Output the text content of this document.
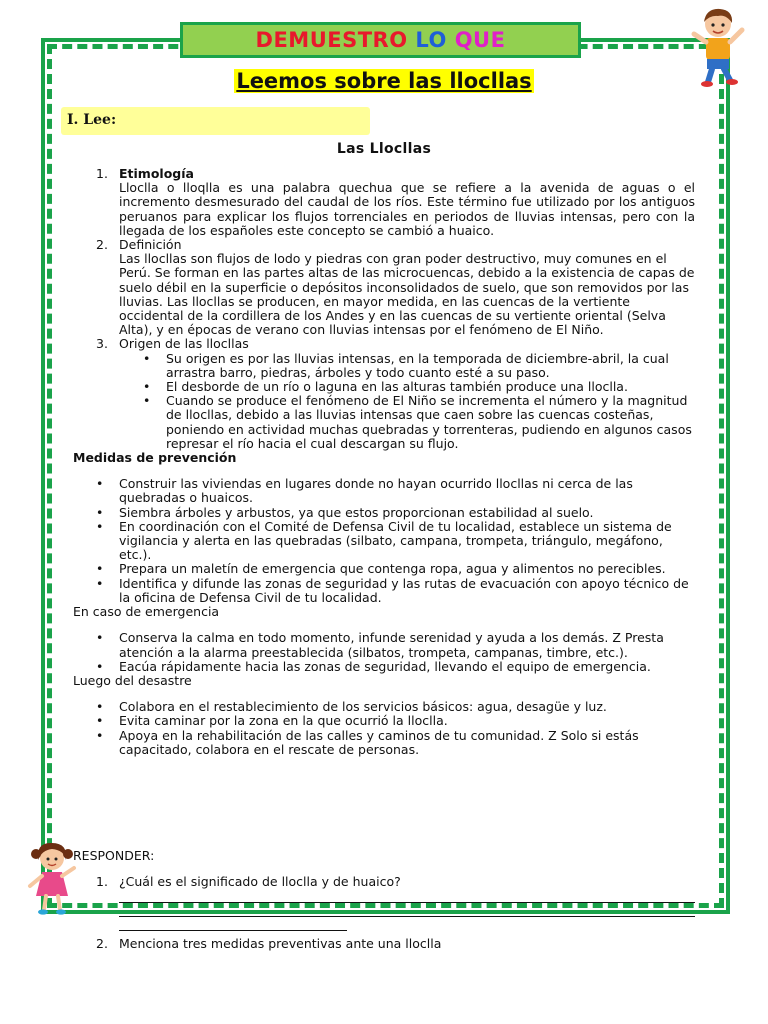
DEMUESTRO LO QUE
Leemos sobre las llocllas
I. Lee:
Las Llocllas
1. Etimología
Lloclla o lloqlla es una palabra quechua que se refiere a la avenida de aguas o el incremento desmesurado del caudal de los ríos. Este término fue utilizado por los antiguos peruanos para explicar los flujos torrenciales en periodos de lluvias intensas, pero con la llegada de los españoles este concepto se cambió a huaico.
2. Definición
Las llocllas son flujos de lodo y piedras con gran poder destructivo, muy comunes en el Perú. Se forman en las partes altas de las microcuencas, debido a la existencia de capas de suelo débil en la superficie o depósitos inconsolidados de suelo, que son removidos por las lluvias. Las llocllas se producen, en mayor medida, en las cuencas de la vertiente occidental de la cordillera de los Andes y en las cuencas de su vertiente oriental (Selva Alta), y en épocas de verano con lluvias intensas por el fenómeno de El Niño.
3. Origen de las llocllas
• Su origen es por las lluvias intensas, en la temporada de diciembre-abril, la cual arrastra barro, piedras, árboles y todo cuanto esté a su paso.
• El desborde de un río o laguna en las alturas también produce una lloclla.
• Cuando se produce el fenómeno de El Niño se incrementa el número y la magnitud de llocllas, debido a las lluvias intensas que caen sobre las cuencas costeñas, poniendo en actividad muchas quebradas y torrenteras, pudiendo en algunos casos represar el río hacia el cual descargan su flujo.
Medidas de prevención
• Construir las viviendas en lugares donde no hayan ocurrido llocllas ni cerca de las quebradas o huaicos.
• Siembra árboles y arbustos, ya que estos proporcionan estabilidad al suelo.
• En coordinación con el Comité de Defensa Civil de tu localidad, establece un sistema de vigilancia y alerta en las quebradas (silbato, campana, trompeta, triángulo, megáfono, etc.).
• Prepara un maletín de emergencia que contenga ropa, agua y alimentos no perecibles.
• Identifica y difunde las zonas de seguridad y las rutas de evacuación con apoyo técnico de la oficina de Defensa Civil de tu localidad.
En caso de emergencia
• Conserva la calma en todo momento, infunde serenidad y ayuda a los demás. Z Presta atención a la alarma preestablecida (silbatos, trompeta, campanas, timbre, etc.).
• Eacúa rápidamente hacia las zonas de seguridad, llevando el equipo de emergencia.
Luego del desastre
• Colabora en el restablecimiento de los servicios básicos: agua, desagüe y luz.
• Evita caminar por la zona en la que ocurrió la lloclla.
• Apoya en la rehabilitación de las calles y caminos de tu comunidad. Z Solo si estás capacitado, colabora en el rescate de personas.
RESPONDER:
1. ¿Cuál es el significado de lloclla y de huaico?
2. Menciona tres medidas preventivas ante una lloclla
